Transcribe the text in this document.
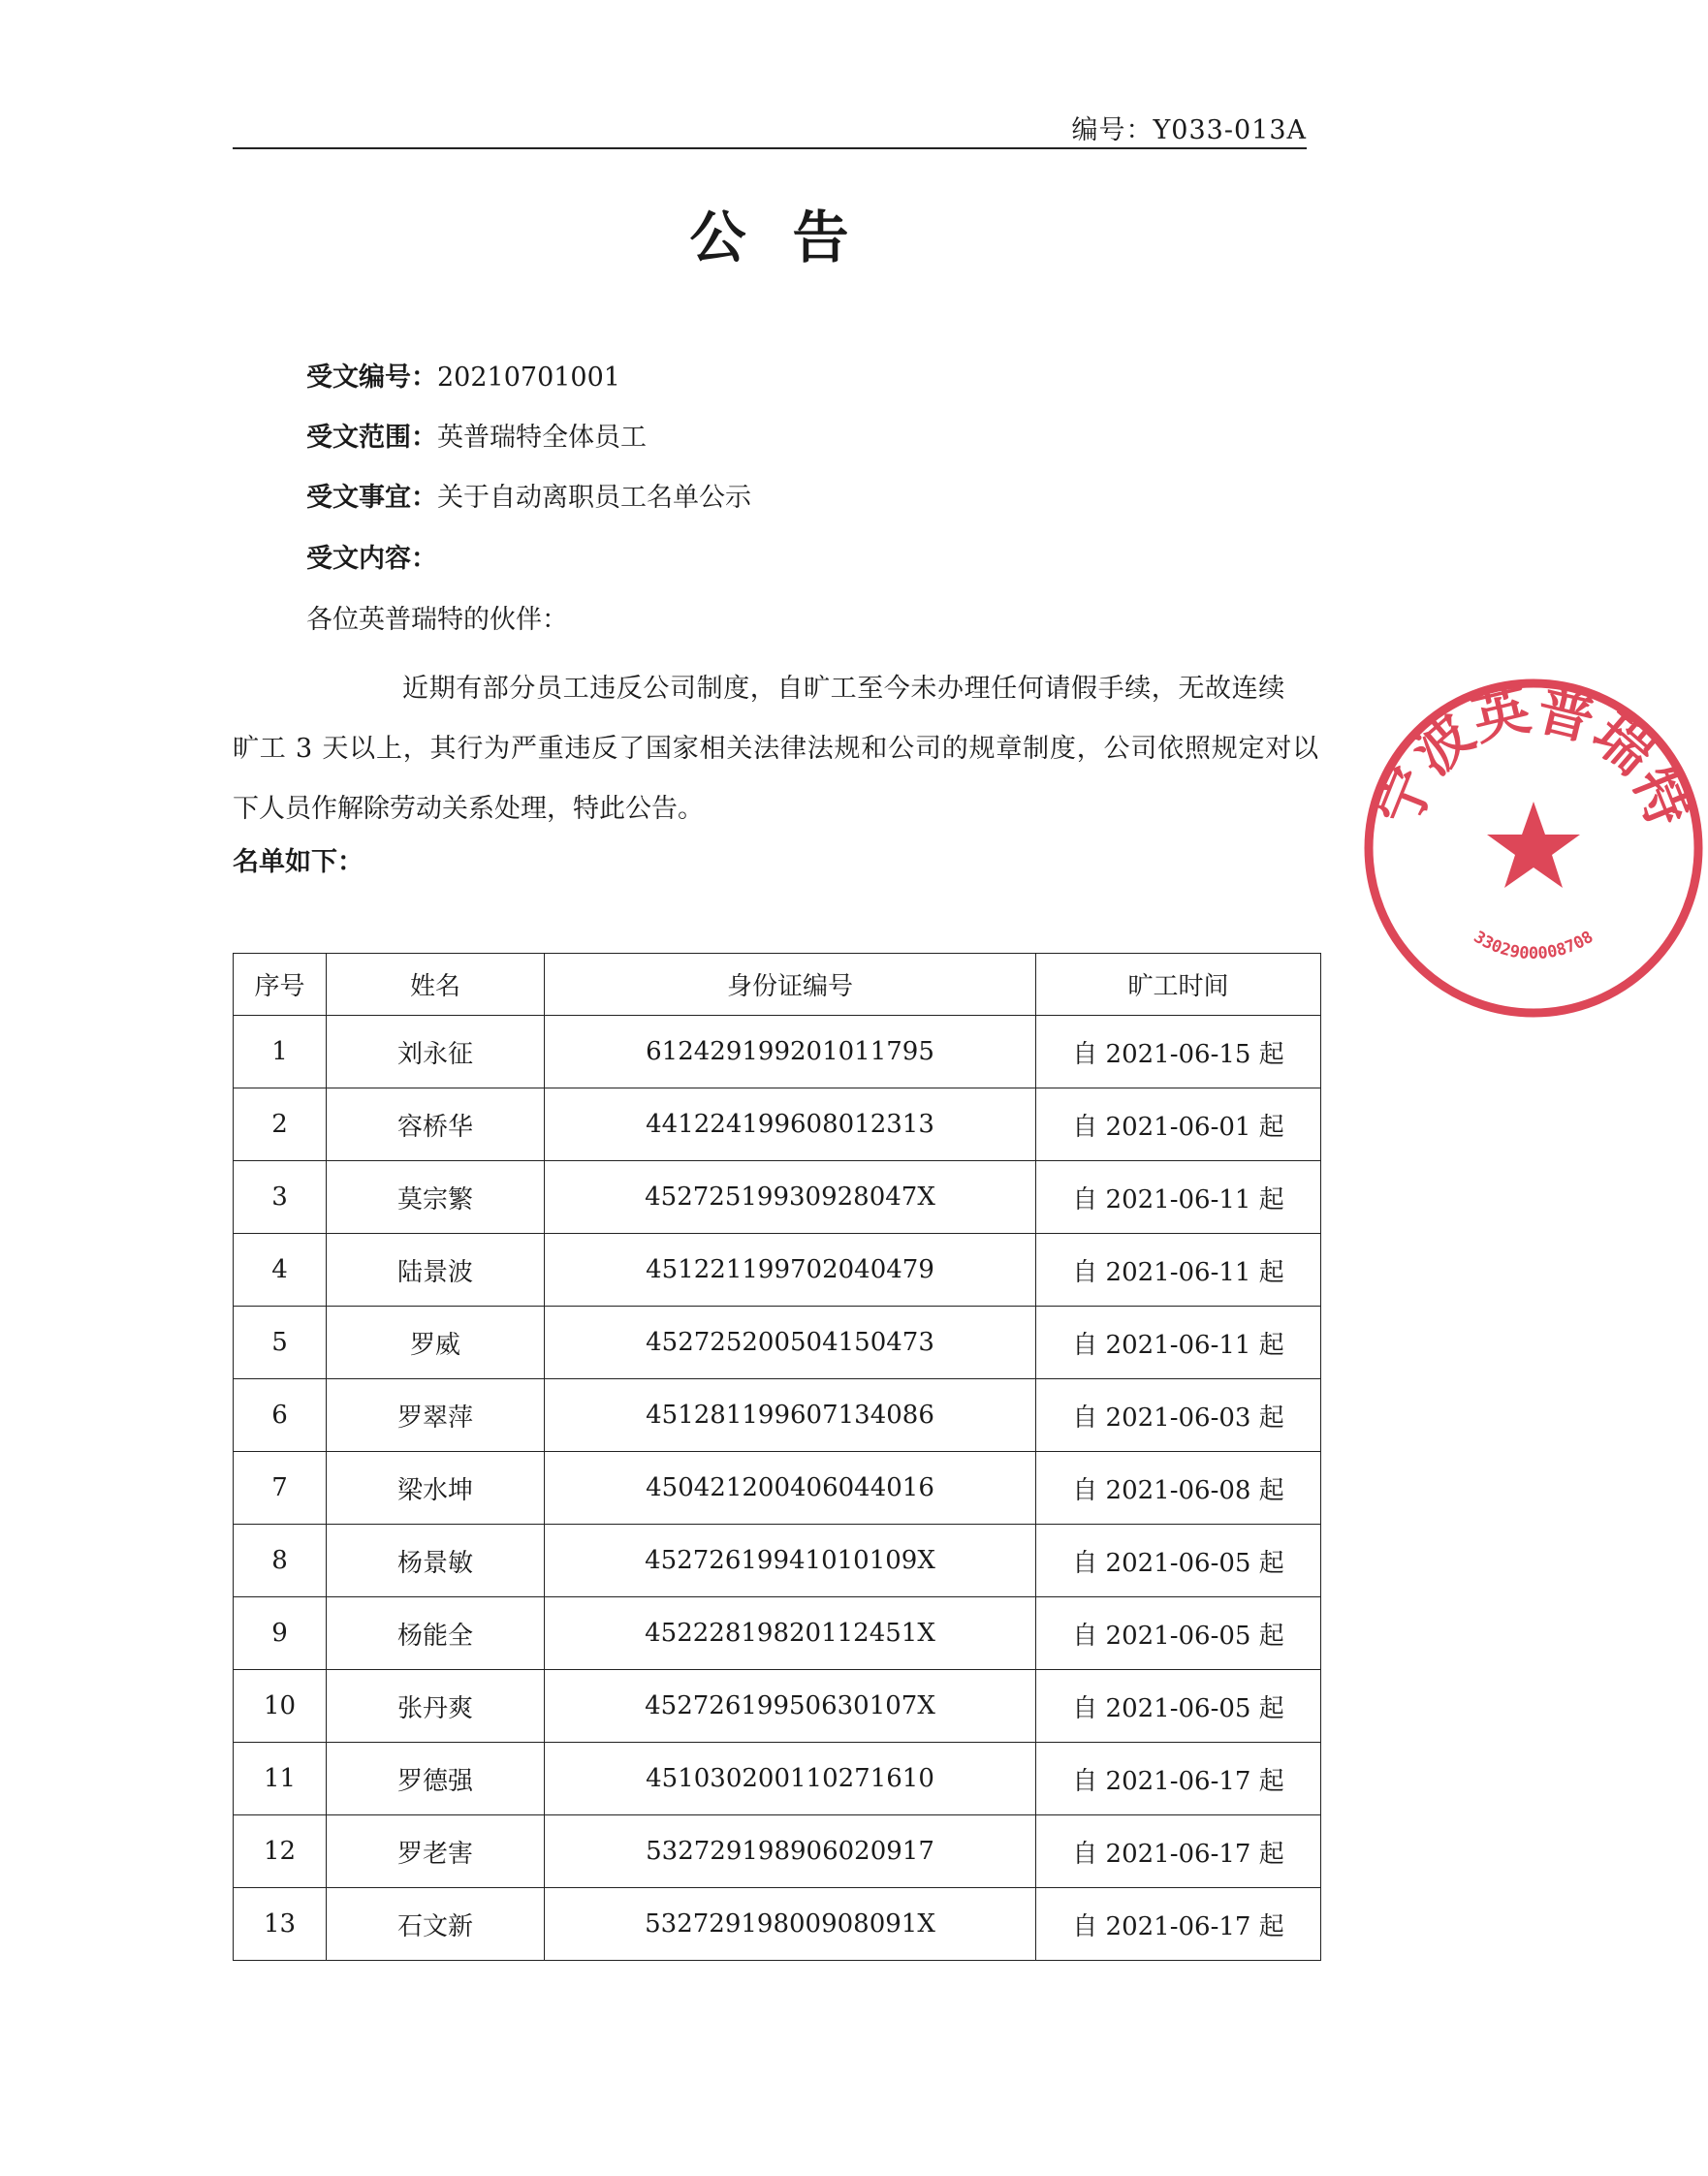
编号：Y033-013A
公告
受文编号：20210701001
受文范围：英普瑞特全体员工
受文事宜：关于自动离职员工名单公示
受文内容：
各位英普瑞特的伙伴：
近期有部分员工违反公司制度，自旷工至今未办理任何请假手续，无故连续
旷工 3 天以上，其行为严重违反了国家相关法律法规和公司的规章制度，公司依照规定对以
下人员作解除劳动关系处理，特此公告。
名单如下：
序号	姓名	身份证编号	旷工时间
1	刘永征	612429199201011795	自 2021-06-15 起
2	容桥华	441224199608012313	自 2021-06-01 起
3	莫宗繁	45272519930928047X	自 2021-06-11 起
4	陆景波	451221199702040479	自 2021-06-11 起
5	罗威	452725200504150473	自 2021-06-11 起
6	罗翠萍	451281199607134086	自 2021-06-03 起
7	梁水坤	450421200406044016	自 2021-06-08 起
8	杨景敏	45272619941010109X	自 2021-06-05 起
9	杨能全	45222819820112451X	自 2021-06-05 起
10	张丹爽	45272619950630107X	自 2021-06-05 起
11	罗德强	451030200110271610	自 2021-06-17 起
12	罗老害	532729198906020917	自 2021-06-17 起
13	石文新	53272919800908091X	自 2021-06-17 起
宁波英普瑞特
3302900008708
